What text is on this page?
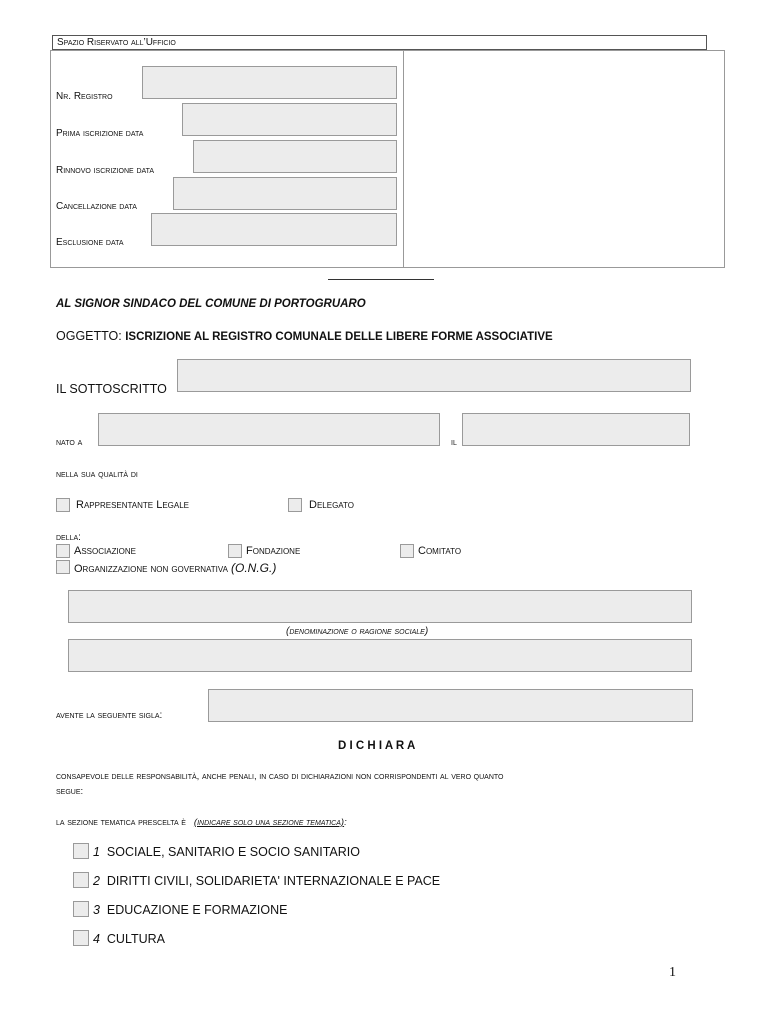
Spazio Riservato all’Ufficio
Nr. Registro
Prima iscrizione data
Rinnovo iscrizione data
Cancellazione data
Esclusione data
AL SIGNOR SINDACO DEL COMUNE DI PORTOGRUARO
OGGETTO: ISCRIZIONE AL REGISTRO COMUNALE DELLE LIBERE FORME ASSOCIATIVE
IL SOTTOSCRITTO
nato a	il
nella sua qualità di
Rappresentante Legale	Delegato
della:
Associazione	Fondazione	Comitato
Organizzazione non governativa (O.N.G.)
(denominazione o ragione sociale)
avente la seguente sigla:
D I C H I A R A
consapevole delle responsabilità, anche penali, in caso di dichiarazioni non corrispondenti al vero quanto
segue:
la sezione tematica prescelta è (indicare solo una sezione tematica):
1 SOCIALE, SANITARIO E SOCIO SANITARIO
2 DIRITTI CIVILI, SOLIDARIETA' INTERNAZIONALE E PACE
3 EDUCAZIONE E FORMAZIONE
4 CULTURA
1
